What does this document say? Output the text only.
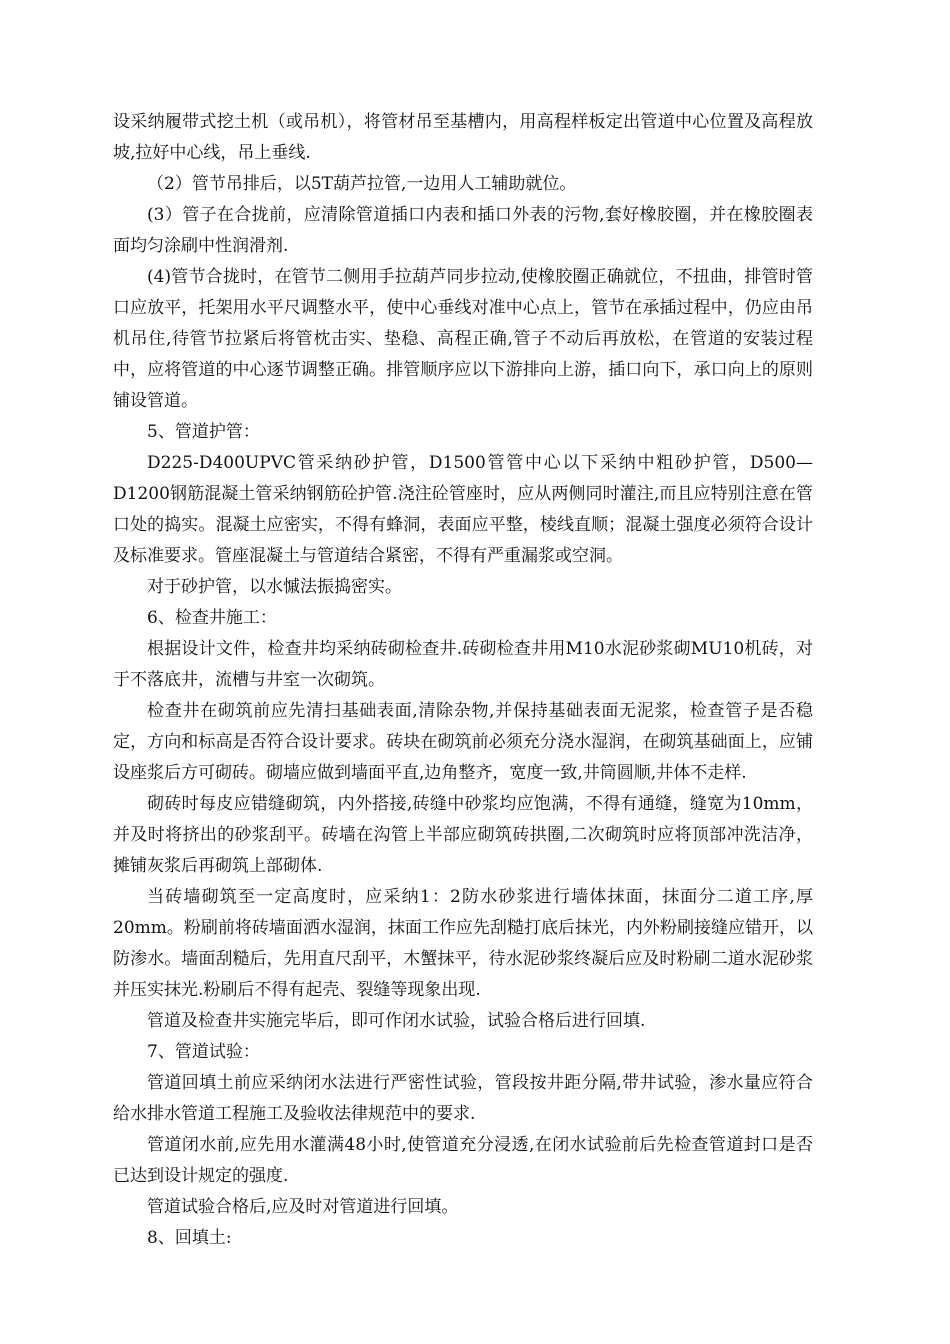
设采纳履带式挖土机（或吊机），将管材吊至基槽内，用高程样板定出管道中心位置及高程放坡,拉好中心线，吊上垂线.

（2）管节吊排后，以5T葫芦拉管,一边用人工辅助就位。

(3）管子在合拢前，应清除管道插口内表和插口外表的污物,套好橡胶圈，并在橡胶圈表面均匀涂刷中性润滑剂.

(4)管节合拢时，在管节二侧用手拉葫芦同步拉动,使橡胶圈正确就位，不扭曲，排管时管口应放平，托架用水平尺调整水平，使中心垂线对准中心点上，管节在承插过程中，仍应由吊机吊住,待管节拉紧后将管枕击实、垫稳、高程正确,管子不动后再放松，在管道的安装过程中，应将管道的中心逐节调整正确。排管顺序应以下游排向上游，插口向下，承口向上的原则铺设管道。

5、管道护管：

D225-D400UPVC管采纳砂护管，D1500管管中心以下采纳中粗砂护管，D500—D1200钢筋混凝土管采纳钢筋砼护管.浇注砼管座时，应从两侧同时灌注,而且应特别注意在管口处的捣实。混凝土应密实，不得有蜂洞，表面应平整，棱线直顺；混凝土强度必须符合设计及标准要求。管座混凝土与管道结合紧密，不得有严重漏浆或空洞。

对于砂护管，以水慽法振捣密实。

6、检查井施工：

根据设计文件，检查井均采纳砖砌检查井.砖砌检查井用M10水泥砂浆砌MU10机砖，对于不落底井，流槽与井室一次砌筑。

检查井在砌筑前应先清扫基础表面,清除杂物,并保持基础表面无泥浆，检查管子是否稳定，方向和标高是否符合设计要求。砖块在砌筑前必须充分浇水湿润，在砌筑基础面上，应铺设座浆后方可砌砖。砌墙应做到墙面平直,边角整齐，宽度一致,井筒圆顺,井体不走样.

砌砖时每皮应错缝砌筑，内外搭接,砖缝中砂浆均应饱满，不得有通缝，缝宽为10mm，并及时将挤出的砂浆刮平。砖墙在沟管上半部应砌筑砖拱圈,二次砌筑时应将顶部冲洗洁净，摊铺灰浆后再砌筑上部砌体.

当砖墙砌筑至一定高度时，应采纳1：2防水砂浆进行墙体抹面，抹面分二道工序,厚20mm。粉刷前将砖墙面洒水湿润，抹面工作应先刮糙打底后抹光，内外粉刷接缝应错开，以防渗水。墙面刮糙后，先用直尺刮平，木蟹抹平，待水泥砂浆终凝后应及时粉刷二道水泥砂浆并压实抹光.粉刷后不得有起壳、裂缝等现象出现.

管道及检查井实施完毕后，即可作闭水试验，试验合格后进行回填.

7、管道试验：

管道回填土前应采纳闭水法进行严密性试验，管段按井距分隔,带井试验，渗水量应符合给水排水管道工程施工及验收法律规范中的要求.

管道闭水前,应先用水灌满48小时,使管道充分浸透,在闭水试验前后先检查管道封口是否已达到设计规定的强度.

管道试验合格后,应及时对管道进行回填。

8、回填土:
